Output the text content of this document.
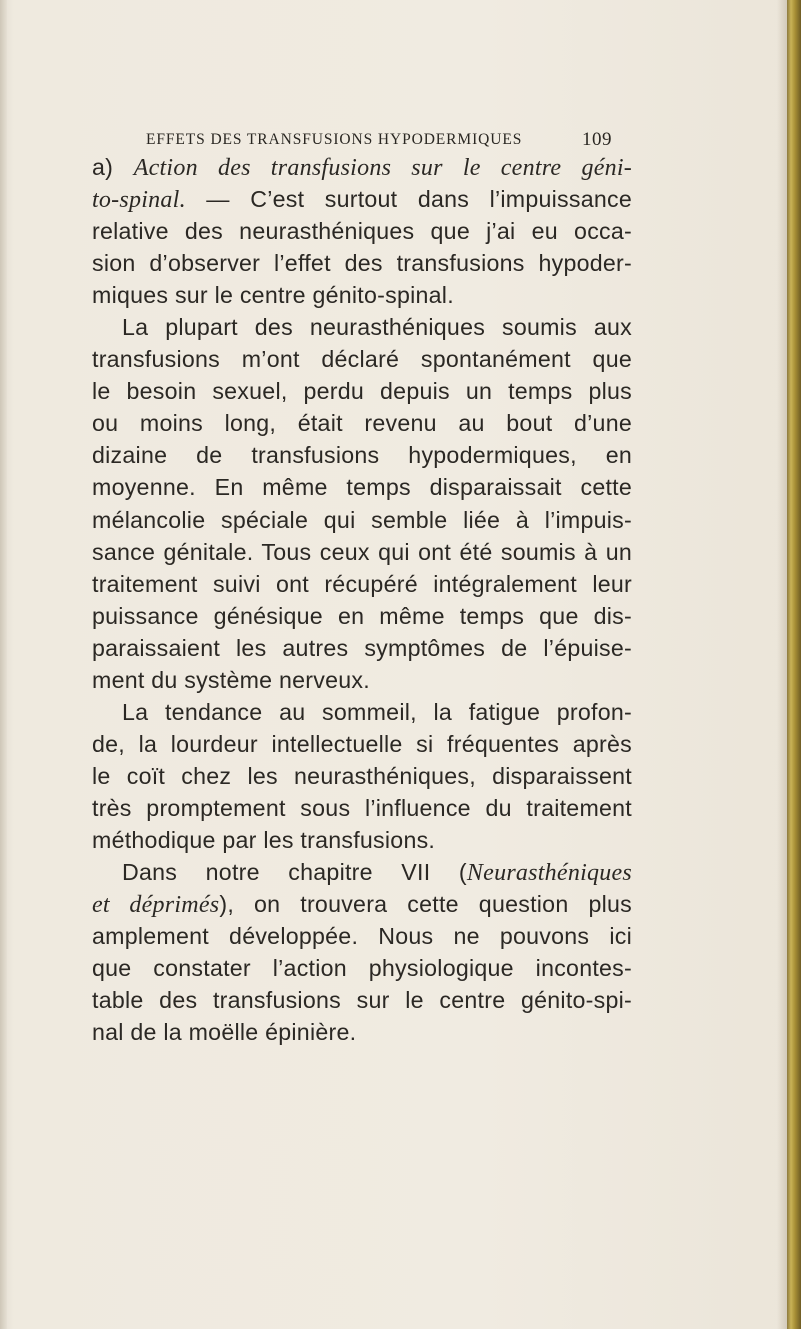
EFFETS DES TRANSFUSIONS HYPODERMIQUES	109
a) Action des transfusions sur le centre géni-
to-spinal. — C’est surtout dans l’impuissance
relative des neurasthéniques que j’ai eu occa-
sion d’observer l’effet des transfusions hypoder-
miques sur le centre génito-spinal.
La plupart des neurasthéniques soumis aux
transfusions m’ont déclaré spontanément que
le besoin sexuel, perdu depuis un temps plus
ou moins long, était revenu au bout d’une
dizaine de transfusions hypodermiques, en
moyenne. En même temps disparaissait cette
mélancolie spéciale qui semble liée à l’impuis-
sance génitale. Tous ceux qui ont été soumis à un
traitement suivi ont récupéré intégralement leur
puissance génésique en même temps que dis-
paraissaient les autres symptômes de l’épuise-
ment du système nerveux.
La tendance au sommeil, la fatigue profon-
de, la lourdeur intellectuelle si fréquentes après
le coït chez les neurasthéniques, disparaissent
très promptement sous l’influence du traitement
méthodique par les transfusions.
Dans notre chapitre VII (Neurasthéniques
et déprimés), on trouvera cette question plus
amplement développée. Nous ne pouvons ici
que constater l’action physiologique incontes-
table des transfusions sur le centre génito-spi-
nal de la moëlle épinière.
